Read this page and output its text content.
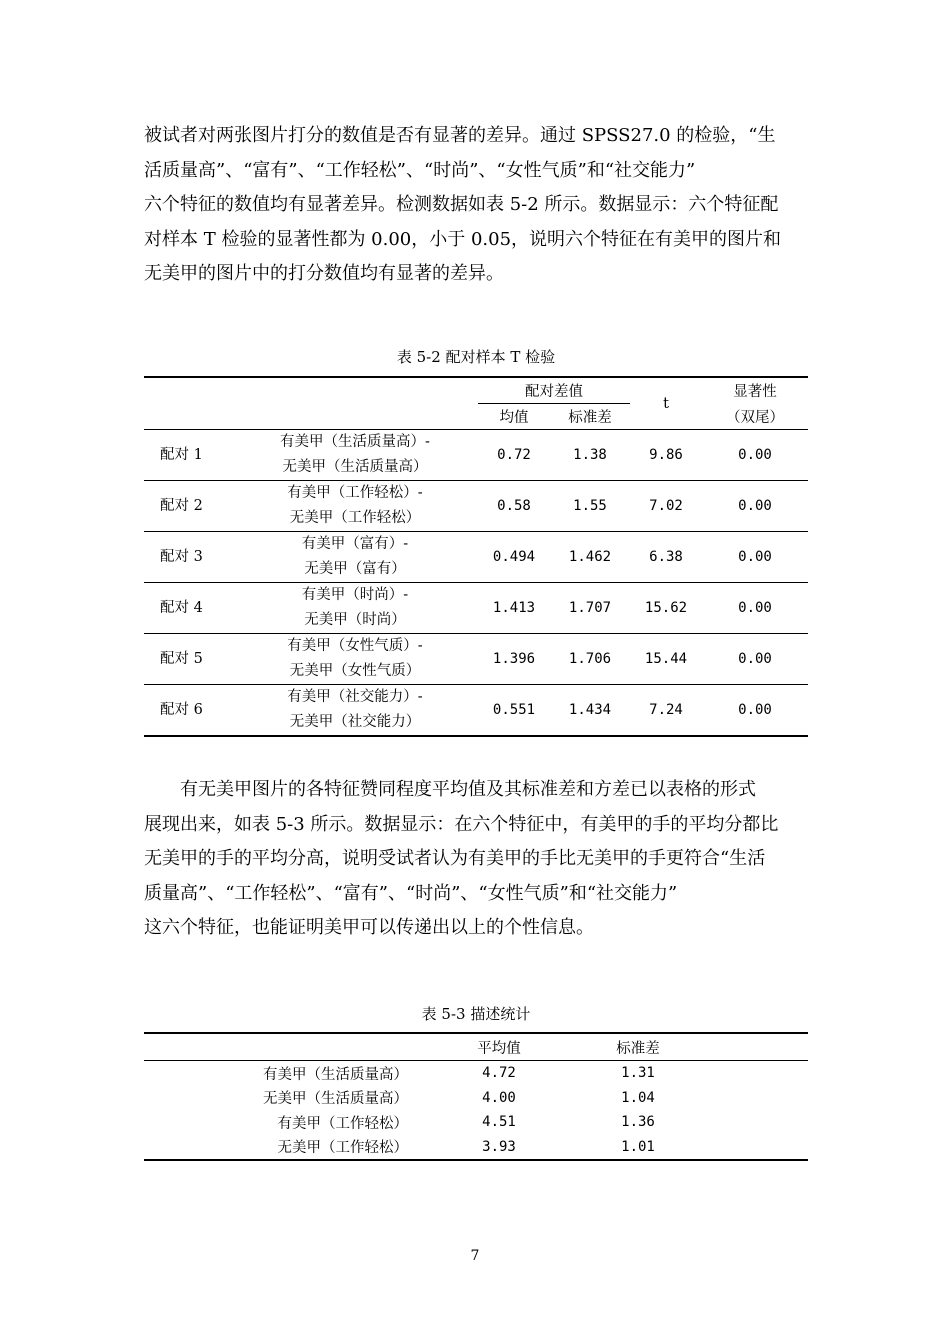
被试者对两张图片打分的数值是否有显著的差异。通过 SPSS27.0 的检验，“生
活质量高”、“富有”、“工作轻松”、“时尚”、“女性气质”和“社交能力”
六个特征的数值均有显著差异。检测数据如表 5-2 所示。数据显示：六个特征配
对样本 T 检验的显著性都为 0.00，小于 0.05，说明六个特征在有美甲的图片和
无美甲的图片中的打分数值均有显著的差异。

表 5-2 配对样本 T 检验
		配对差值		t	显著性
		均值	标准差		（双尾）
配对 1	有美甲（生活质量高）-
无美甲（生活质量高）	0.72	1.38	9.86	0.00
配对 2	有美甲（工作轻松）-
无美甲（工作轻松）	0.58	1.55	7.02	0.00
配对 3	有美甲（富有）-
无美甲（富有）	0.494	1.462	6.38	0.00
配对 4	有美甲（时尚）-
无美甲（时尚）	1.413	1.707	15.62	0.00
配对 5	有美甲（女性气质）-
无美甲（女性气质）	1.396	1.706	15.44	0.00
配对 6	有美甲（社交能力）-
无美甲（社交能力）	0.551	1.434	7.24	0.00
表 5-3 描述统计
	平均值	标准差	
有美甲（生活质量高）	4.72	1.31	
无美甲（生活质量高）	4.00	1.04	
有美甲（工作轻松）	4.51	1.36	
无美甲（工作轻松）	3.93	1.01	

有无美甲图片的各特征赞同程度平均值及其标准差和方差已以表格的形式
展现出来，如表 5-3 所示。数据显示：在六个特征中，有美甲的手的平均分都比
无美甲的手的平均分高，说明受试者认为有美甲的手比无美甲的手更符合“生活
质量高”、“工作轻松”、“富有”、“时尚”、“女性气质”和“社交能力”
这六个特征，也能证明美甲可以传递出以上的个性信息。

7
